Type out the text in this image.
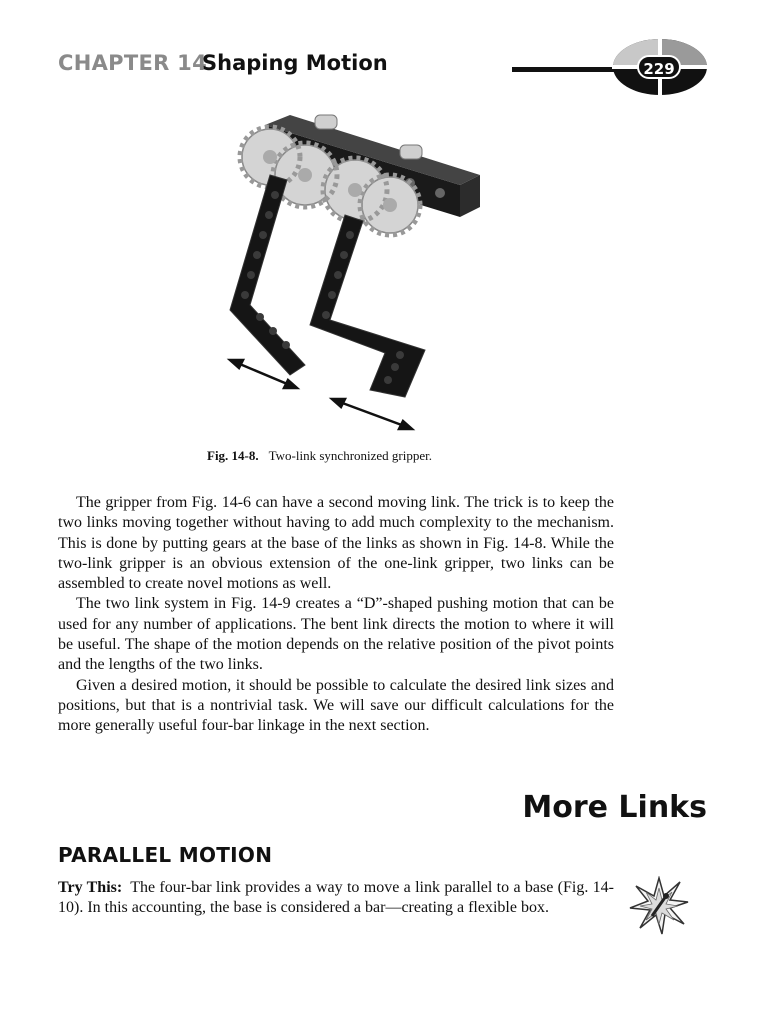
CHAPTER 14
Shaping Motion	229
Fig. 14-8. Two-link synchronized gripper.

The gripper from Fig. 14-6 can have a second moving link. The trick is to keep the two links moving together without having to add much complexity to the mechanism. This is done by putting gears at the base of the links as shown in Fig. 14-8. While the two-link gripper is an obvious extension of the one-link gripper, two links can be assembled to create novel motions as well.

The two link system in Fig. 14-9 creates a “D”-shaped pushing motion that can be used for any number of applications. The bent link directs the motion to where it will be useful. The shape of the motion depends on the relative position of the pivot points and the lengths of the two links.

Given a desired motion, it should be possible to calculate the desired link sizes and positions, but that is a nontrivial task. We will save our difficult calculations for the more generally useful four-bar linkage in the next section.

More Links
PARALLEL MOTION
Try This: The four-bar link provides a way to move a link parallel to a base (Fig. 14-10). In this accounting, the base is considered a bar—creating a flexible box.
